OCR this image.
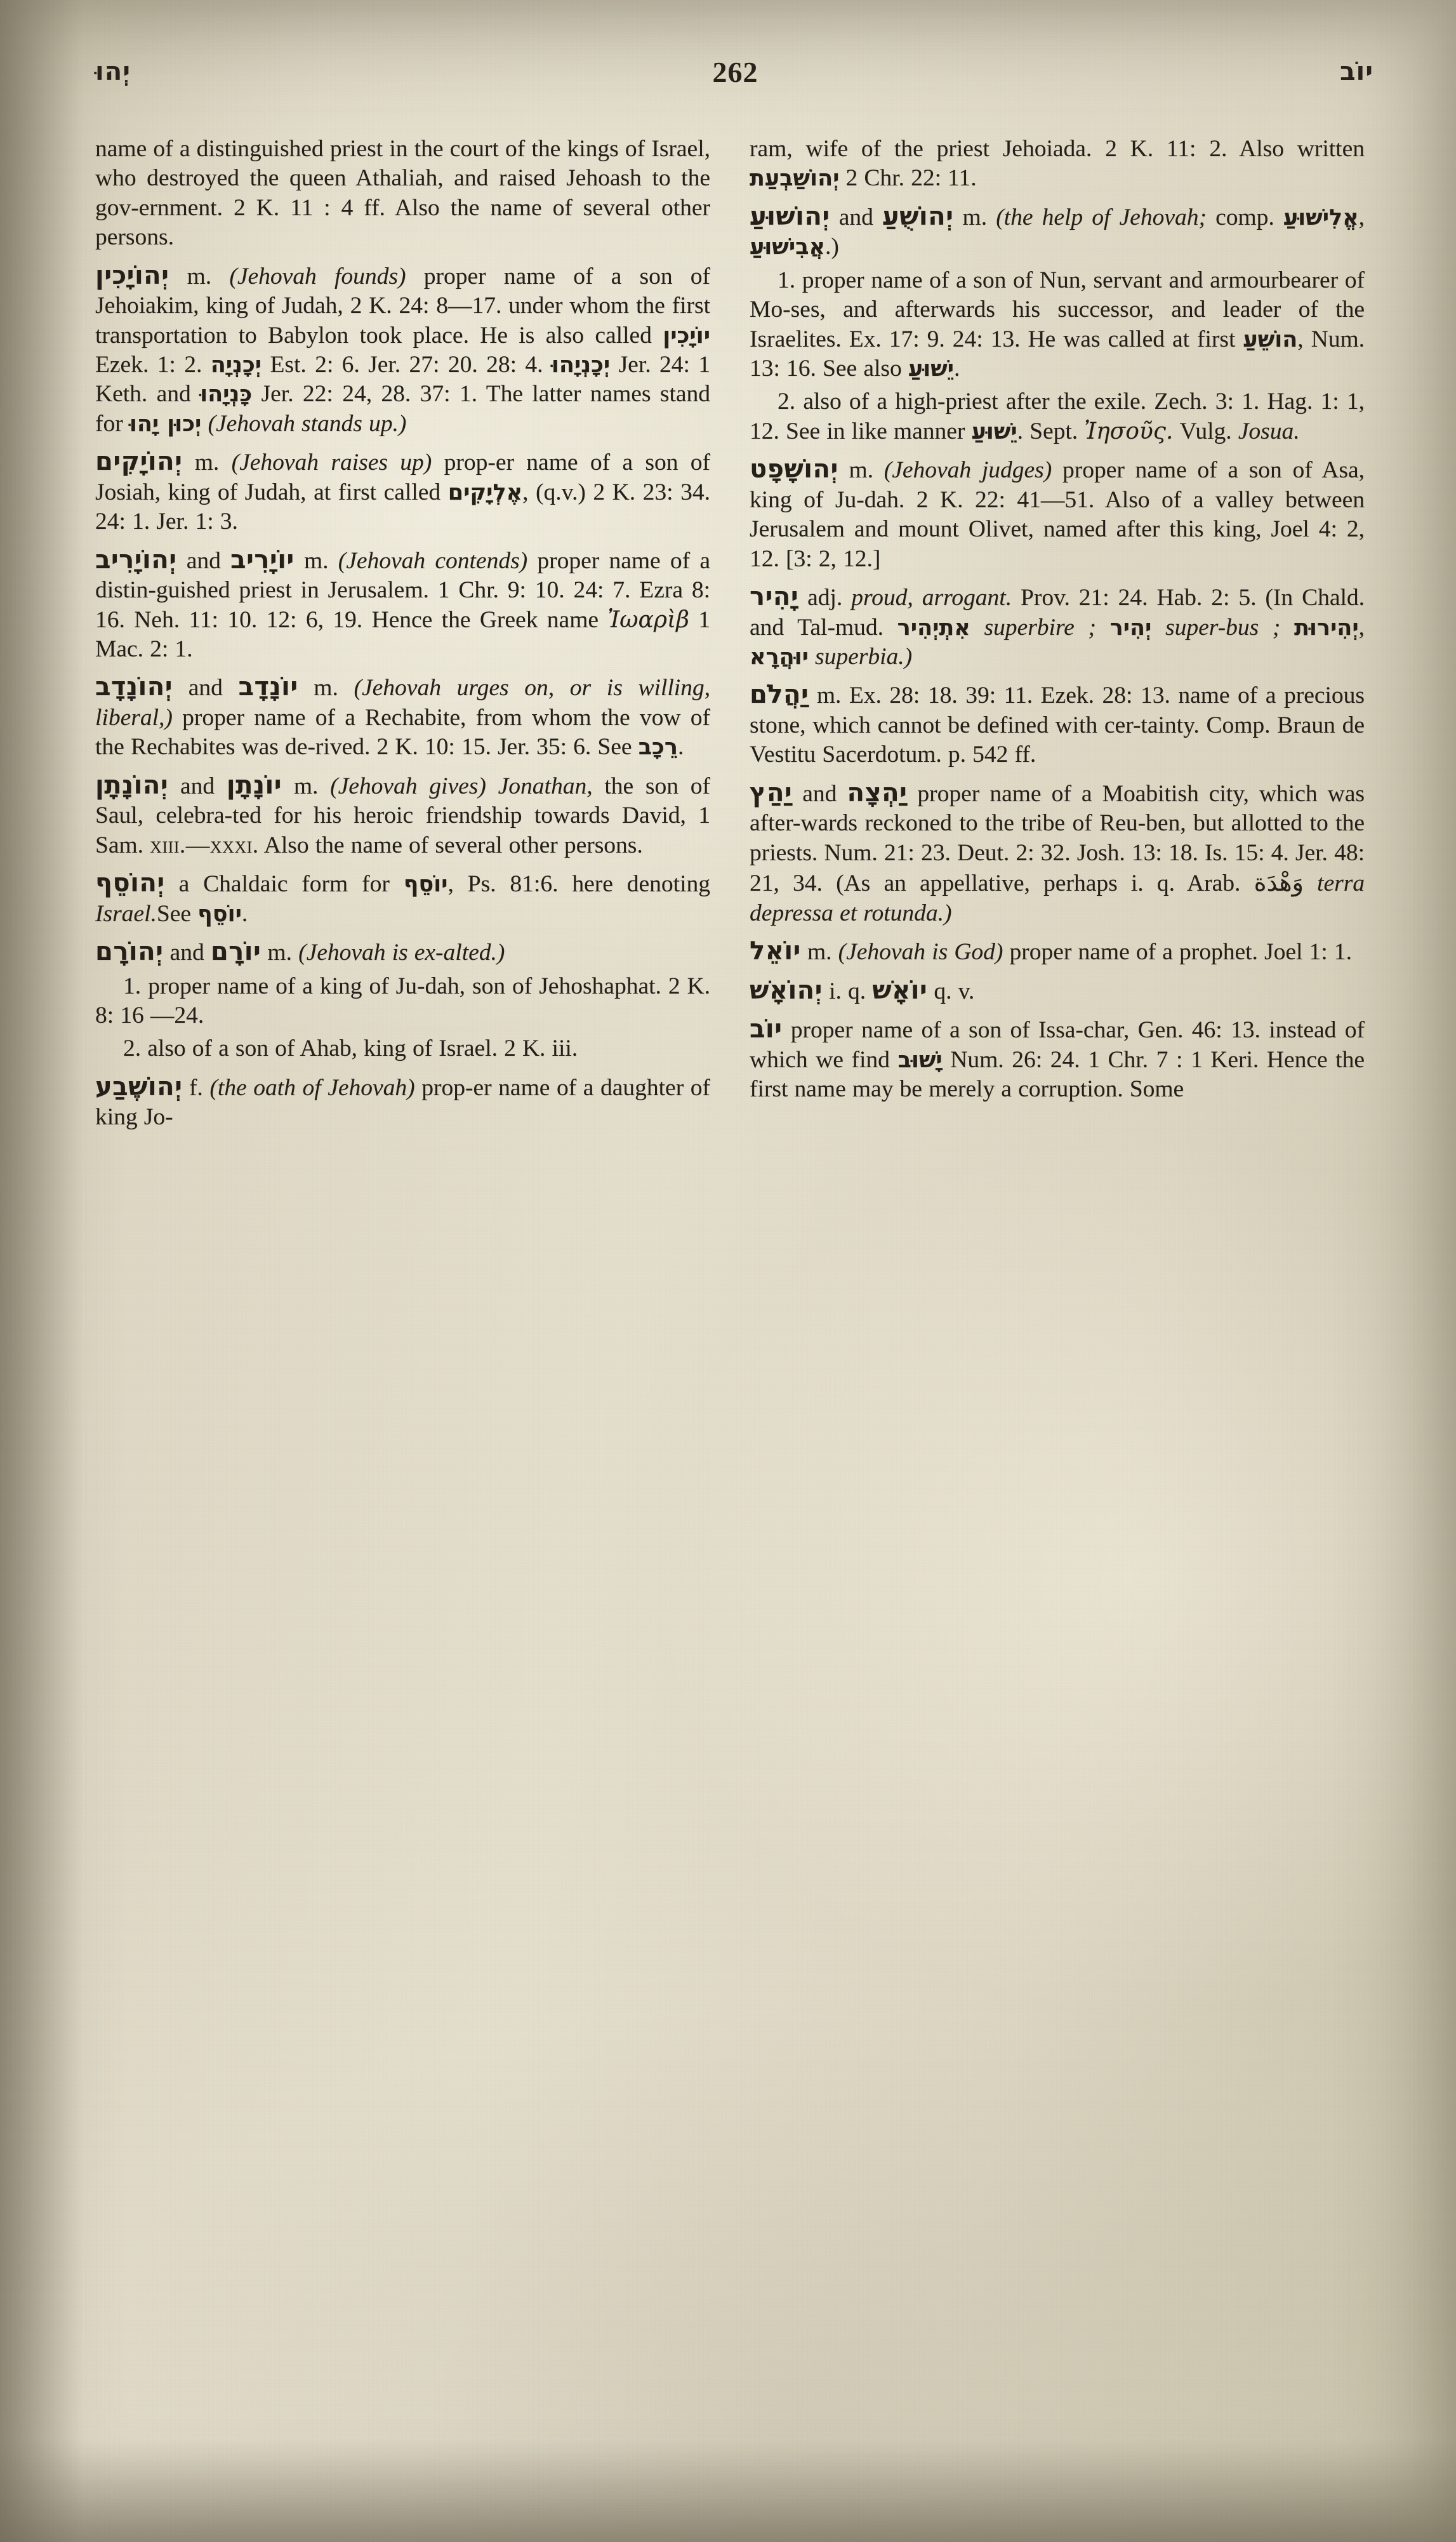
יְהוּ	262	יוֹב

name of a distinguished priest in the court of the kings of Israel, who destroyed the queen Athaliah, and raised Jehoash to the gov-ernment. 2 K. 11 : 4 ff. Also the name of several other persons.

יְהוֹיָכִין m. (Jehovah founds) proper name of a son of Jehoiakim, king of Judah, 2 K. 24: 8—17. under whom the first transportation to Babylon took place. He is also called יוֹיָכִין Ezek. 1: 2. יְכָנְיָה Est. 2: 6. Jer. 27: 20. 28: 4. יְכָנְיָהוּ Jer. 24: 1 Keth. and כָּנְיָהוּ Jer. 22: 24, 28. 37: 1. The latter names stand for יְכוּן יָהוּ (Jehovah stands up.)

יְהוֹיָקִים m. (Jehovah raises up) prop-er name of a son of Josiah, king of Judah, at first called אֶלְיָקִים, (q.v.) 2 K. 23: 34. 24: 1. Jer. 1: 3.

יְהוֹיָרִיב and יוֹיָרִיב m. (Jehovah contends) proper name of a distin-guished priest in Jerusalem. 1 Chr. 9: 10. 24: 7. Ezra 8: 16. Neh. 11: 10. 12: 6, 19. Hence the Greek name Ἰωαρὶβ 1 Mac. 2: 1.

יְהוֹנָדָב and יוֹנָדָב m. (Jehovah urges on, or is willing, liberal,) proper name of a Rechabite, from whom the vow of the Rechabites was de-rived. 2 K. 10: 15. Jer. 35: 6. See רֵכָב.

יְהוֹנָתָן and יוֹנָתָן m. (Jehovah gives) Jonathan, the son of Saul, celebra-ted for his heroic friendship towards David, 1 Sam. xiii.—xxxi. Also the name of several other persons.

יְהוֹסֵף a Chaldaic form for יוֹסֵף, Ps. 81:6. here denoting Israel.See יוֹסֵף.

יְהוֹרָם and יוֹרָם m. (Jehovah is ex-alted.)

1. proper name of a king of Ju-dah, son of Jehoshaphat. 2 K. 8: 16 —24.

2. also of a son of Ahab, king of Israel. 2 K. iii.

יְהוֹשֶׁבַע f. (the oath of Jehovah) prop-er name of a daughter of king Jo-

ram, wife of the priest Jehoiada. 2 K. 11: 2. Also written יְהוֹשַׁבְעַת 2 Chr. 22: 11.

יְהוֹשׁוּעַ and יְהוֹשֻׁעַ m. (the help of Jehovah; comp. אֱלִישׁוּעַ, אֲבִישׁוּעַ.)

1. proper name of a son of Nun, servant and armourbearer of Mo-ses, and afterwards his successor, and leader of the Israelites. Ex. 17: 9. 24: 13. He was called at first הוֹשֵׁעַ, Num. 13: 16. See also יֵשׁוּעַ.

2. also of a high-priest after the exile. Zech. 3: 1. Hag. 1: 1, 12. See in like manner יֵשׁוּעַ. Sept. Ἰησοῦς. Vulg. Josua.

יְהוֹשָׁפָט m. (Jehovah judges) proper name of a son of Asa, king of Ju-dah. 2 K. 22: 41—51. Also of a valley between Jerusalem and mount Olivet, named after this king, Joel 4: 2, 12. [3: 2, 12.]

יָהִיר adj. proud, arrogant. Prov. 21: 24. Hab. 2: 5. (In Chald. and Tal-mud. אִתְיְהִיר superbire ; יְהִיר super-bus ; יְהִירוּת, יוּהֲרָא superbia.)

יַהֲלֹם m. Ex. 28: 18. 39: 11. Ezek. 28: 13. name of a precious stone, which cannot be defined with cer-tainty. Comp. Braun de Vestitu Sacerdotum. p. 542 ff.

יַהַץ and יַהְצָה proper name of a Moabitish city, which was after-wards reckoned to the tribe of Reu-ben, but allotted to the priests. Num. 21: 23. Deut. 2: 32. Josh. 13: 18. Is. 15: 4. Jer. 48: 21, 34. (As an appellative, perhaps i. q. Arab. وَهْدَة terra depressa et rotunda.)

יוֹאֵל m. (Jehovah is God) proper name of a prophet. Joel 1: 1.

יְהוֹאָשׁ i. q. יוֹאָשׁ q. v.

יוֹב proper name of a son of Issa-char, Gen. 46: 13. instead of which we find יָשׁוּב Num. 26: 24. 1 Chr. 7 : 1 Keri. Hence the first name may be merely a corruption. Some
